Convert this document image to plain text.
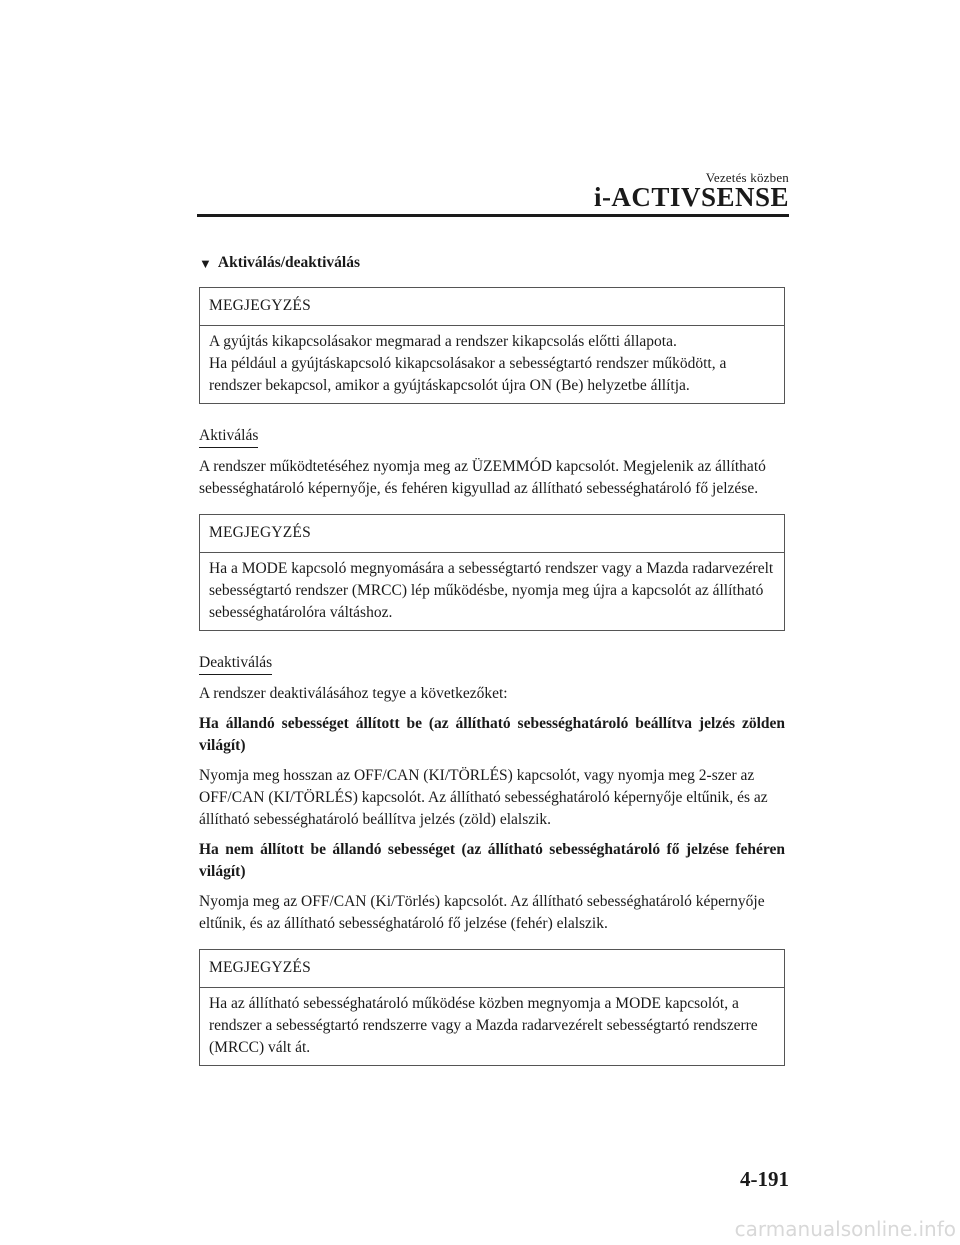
Vezetés közben
i-ACTIVSENSE
▼ Aktiválás/deaktiválás
MEGJEGYZÉS

A gyújtás kikapcsolásakor megmarad a rendszer kikapcsolás előtti állapota.

Ha például a gyújtáskapcsoló kikapcsolásakor a sebességtartó rendszer működött, a rendszer bekapcsol, amikor a gyújtáskapcsolót újra ON (Be) helyzetbe állítja.

Aktiválás

A rendszer működtetéséhez nyomja meg az ÜZEMMÓD kapcsolót. Megjelenik az állítható sebességhatároló képernyője, és fehéren kigyullad az állítható sebességhatároló fő jelzése.

MEGJEGYZÉS

Ha a MODE kapcsoló megnyomására a sebességtartó rendszer vagy a Mazda radarvezérelt sebességtartó rendszer (MRCC) lép működésbe, nyomja meg újra a kapcsolót az állítható sebességhatárolóra váltáshoz.

Deaktiválás

A rendszer deaktiválásához tegye a következőket:

Ha állandó sebességet állított be (az állítható sebességhatároló beállítva jelzés zölden világít)

Nyomja meg hosszan az OFF/CAN (KI/TÖRLÉS) kapcsolót, vagy nyomja meg 2-szer az OFF/CAN (KI/TÖRLÉS) kapcsolót. Az állítható sebességhatároló képernyője eltűnik, és az állítható sebességhatároló beállítva jelzés (zöld) elalszik.

Ha nem állított be állandó sebességet (az állítható sebességhatároló fő jelzése fehéren világít)

Nyomja meg az OFF/CAN (Ki/Törlés) kapcsolót. Az állítható sebességhatároló képernyője eltűnik, és az állítható sebességhatároló fő jelzése (fehér) elalszik.

MEGJEGYZÉS

Ha az állítható sebességhatároló működése közben megnyomja a MODE kapcsolót, a rendszer a sebességtartó rendszerre vagy a Mazda radarvezérelt sebességtartó rendszerre (MRCC) vált át.

4-191
carmanualsonline.info
